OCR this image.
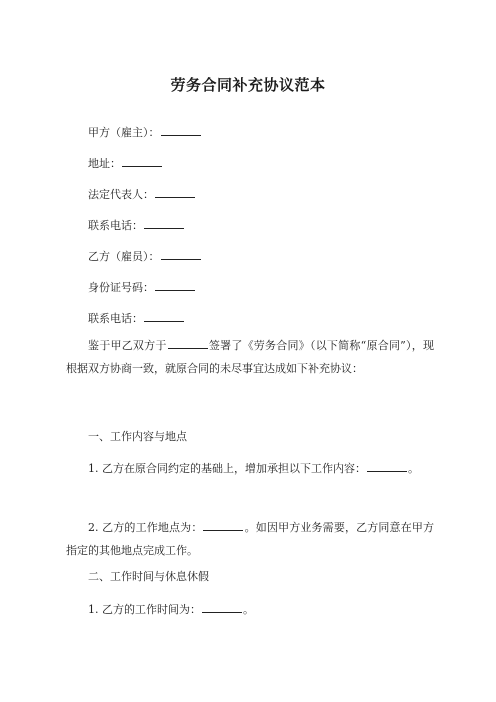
劳务合同补充协议范本
甲方（雇主）：
地址：
法定代表人：
联系电话：
乙方（雇员）：
身份证号码：
联系电话：
鉴于甲乙双方于	签署了《劳务合同》（以下简称“原合同”），现根据双方协商一致，就原合同的未尽事宜达成如下补充协议：
一、工作内容与地点
1. 乙方在原合同约定的基础上，增加承担以下工作内容：	。
2. 乙方的工作地点为：	。如因甲方业务需要，乙方同意在甲方指定的其他地点完成工作。
二、工作时间与休息休假
1. 乙方的工作时间为：	。
